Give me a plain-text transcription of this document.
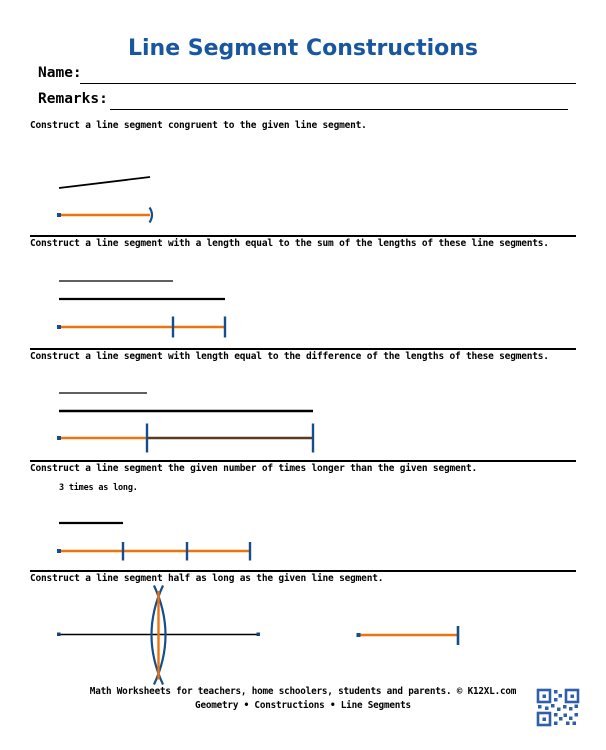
Line Segment Constructions
Name:
Remarks:
Construct a line segment congruent to the given line segment.
Construct a line segment with a length equal to the sum of the lengths of these line segments.
Construct a line segment with length equal to the difference of the lengths of these segments.
Construct a line segment the given number of times longer than the given segment.
3 times as long.
Construct a line segment half as long as the given line segment.
Math Worksheets for teachers, home schoolers, students and parents. © K12XL.com
Geometry • Constructions • Line Segments
